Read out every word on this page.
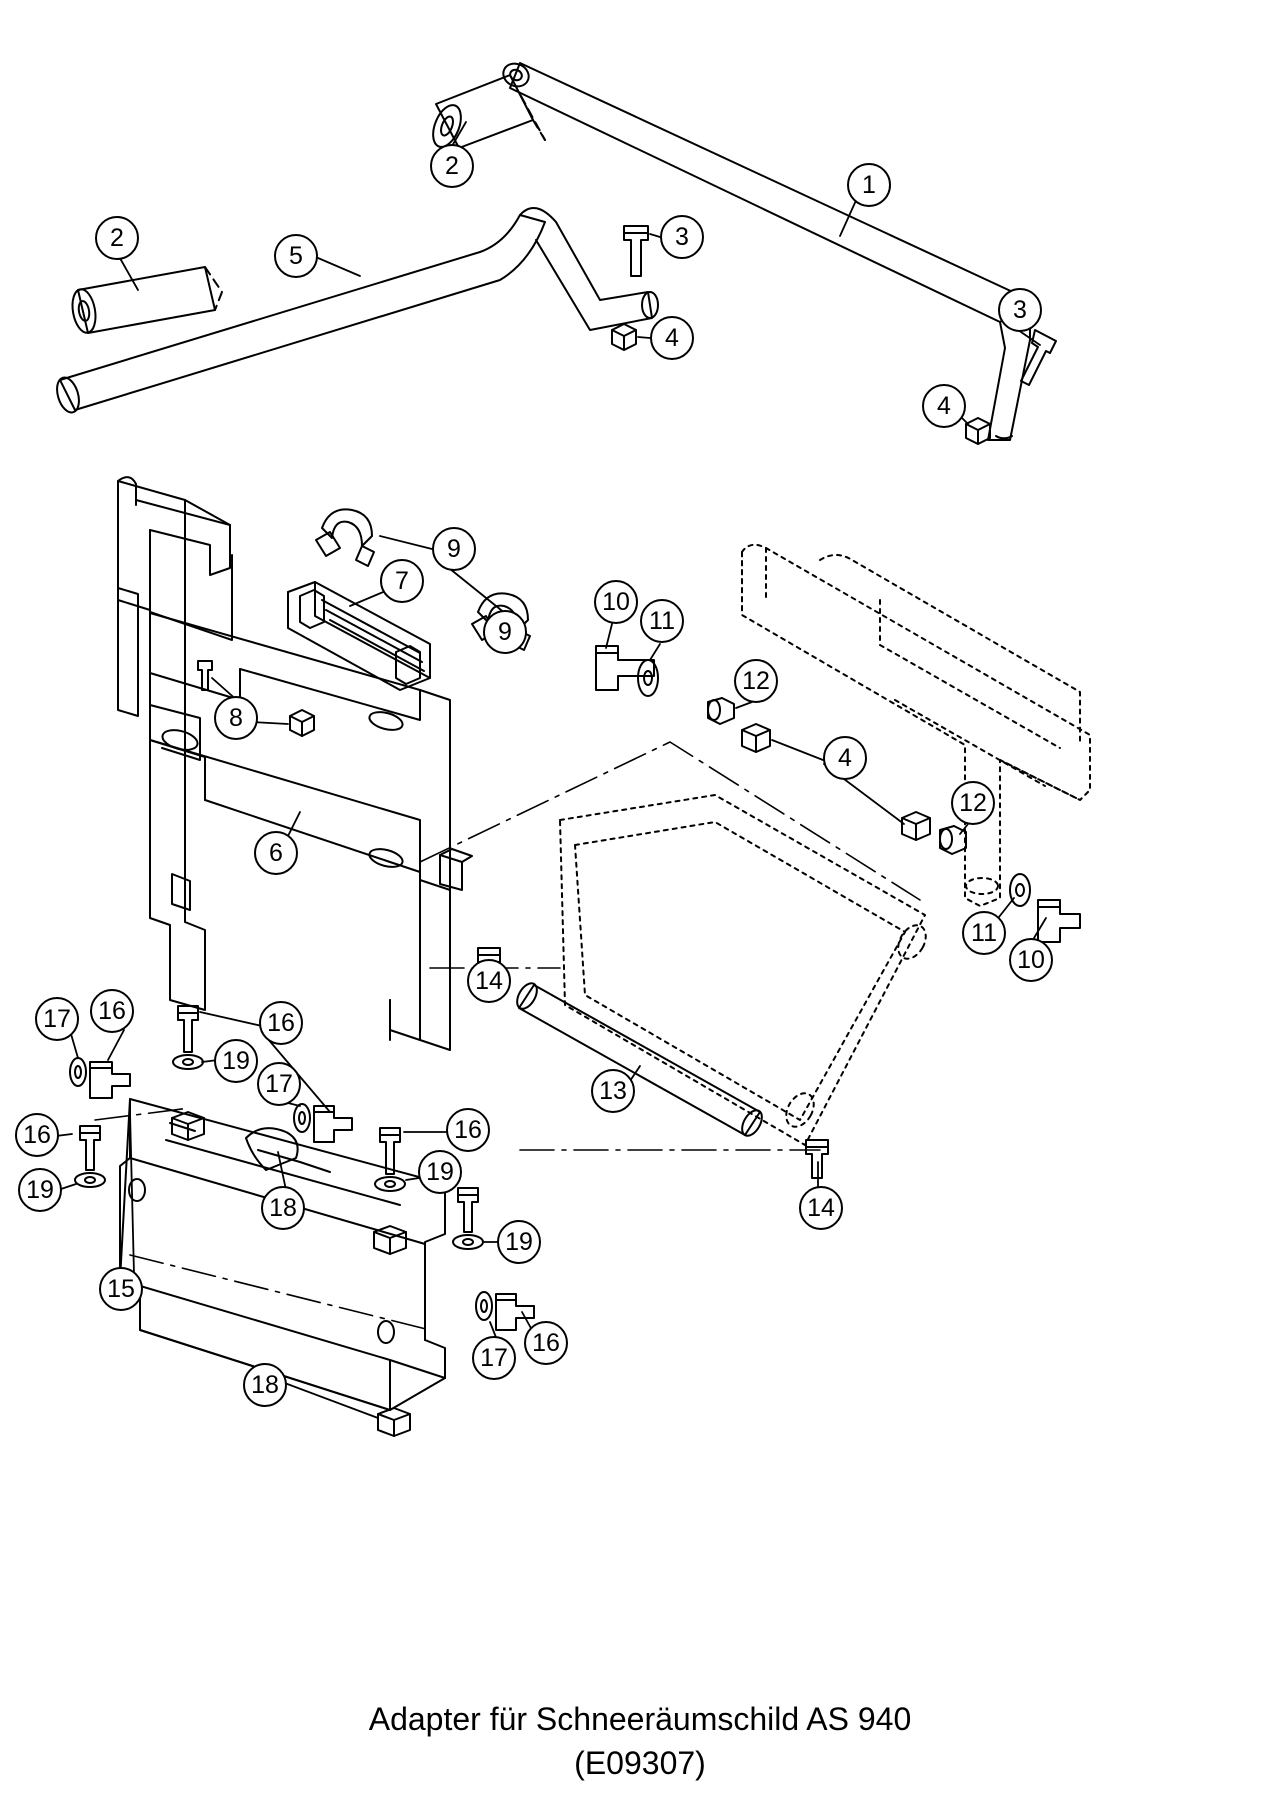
2
1
2	3
5
3
4
4
9
7
10
9	11
12
8
4
12
6
11
10
14
16
17	16
19
17	13
16	16
19
19
18	14
19
15
16
17
18
Adapter für Schneeräumschild AS 940
(E09307)
